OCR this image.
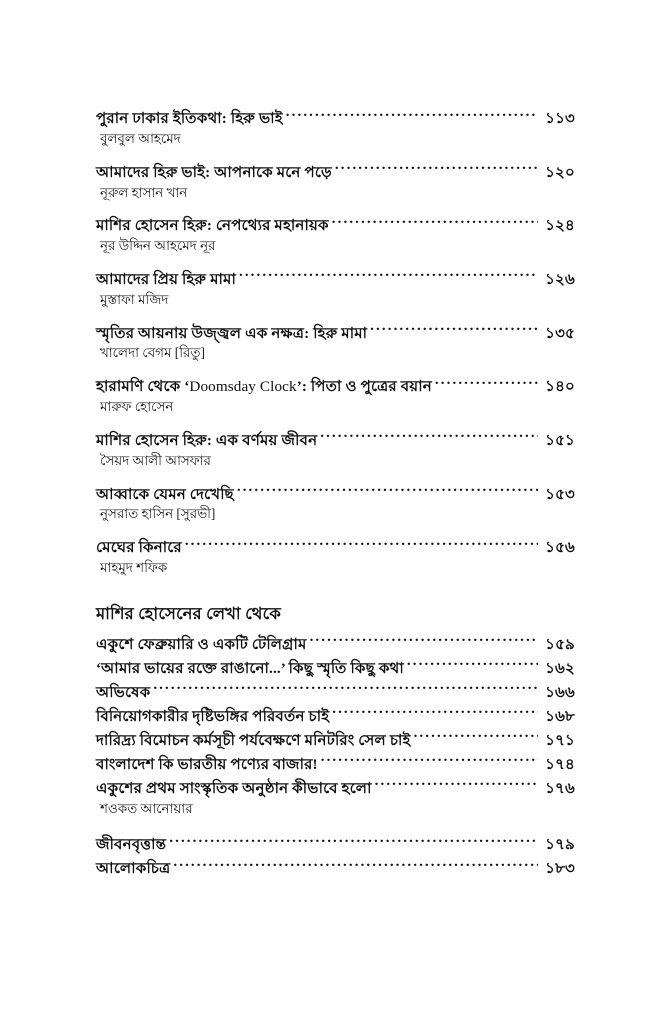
পুরান ঢাকার ইতিকথা: হিরু ভাই .....	১১৩
বুলবুল আহমেদ
আমাদের হিরু ভাই: আপনাকে মনে পড়ে .....	১২০
নূরুল হাসান খান
মাশির হোসেন হিরু: নেপথ্যের মহানায়ক .....	১২৪
নূর উদ্দিন আহমেদ নূর
আমাদের প্রিয় হিরু মামা .....	১২৬
মুস্তাফা মজিদ
স্মৃতির আয়নায় উজ্জ্বল এক নক্ষত্র: হিরু মামা .....	১৩৫
খালেদা বেগম [রিতু]
হারামণি থেকে ‘Doomsday Clock’: পিতা ও পুত্রের বয়ান .....	১৪০
মারুফ হোসেন
মাশির হোসেন হিরু: এক বর্ণময় জীবন .....	১৫১
সৈয়দ আলী আসফার
আব্বাকে যেমন দেখেছি .....	১৫৩
নুসরাত হাসিন [সুরভী]
মেঘের কিনারে .....	১৫৬
মাহমুদ শফিক
মাশির হোসেনের লেখা থেকে
একুশে ফেব্রুয়ারি ও একটি টেলিগ্রাম .....	১৫৯
‘আমার ভায়ের রক্তে রাঙানো...’ কিছু স্মৃতি কিছু কথা .....	১৬২
অভিষেক .....	১৬৬
বিনিয়োগকারীর দৃষ্টিভঙ্গির পরিবর্তন চাই .....	১৬৮
দারিদ্র্য বিমোচন কর্মসূচী পর্যবেক্ষণে মনিটরিং সেল চাই .....	১৭১
বাংলাদেশ কি ভারতীয় পণ্যের বাজার! .....	১৭৪
একুশের প্রথম সাংস্কৃতিক অনুষ্ঠান কীভাবে হলো .....	১৭৬
শওকত আনোয়ার
জীবনবৃত্তান্ত .....	১৭৯
আলোকচিত্র .....	১৮৩
